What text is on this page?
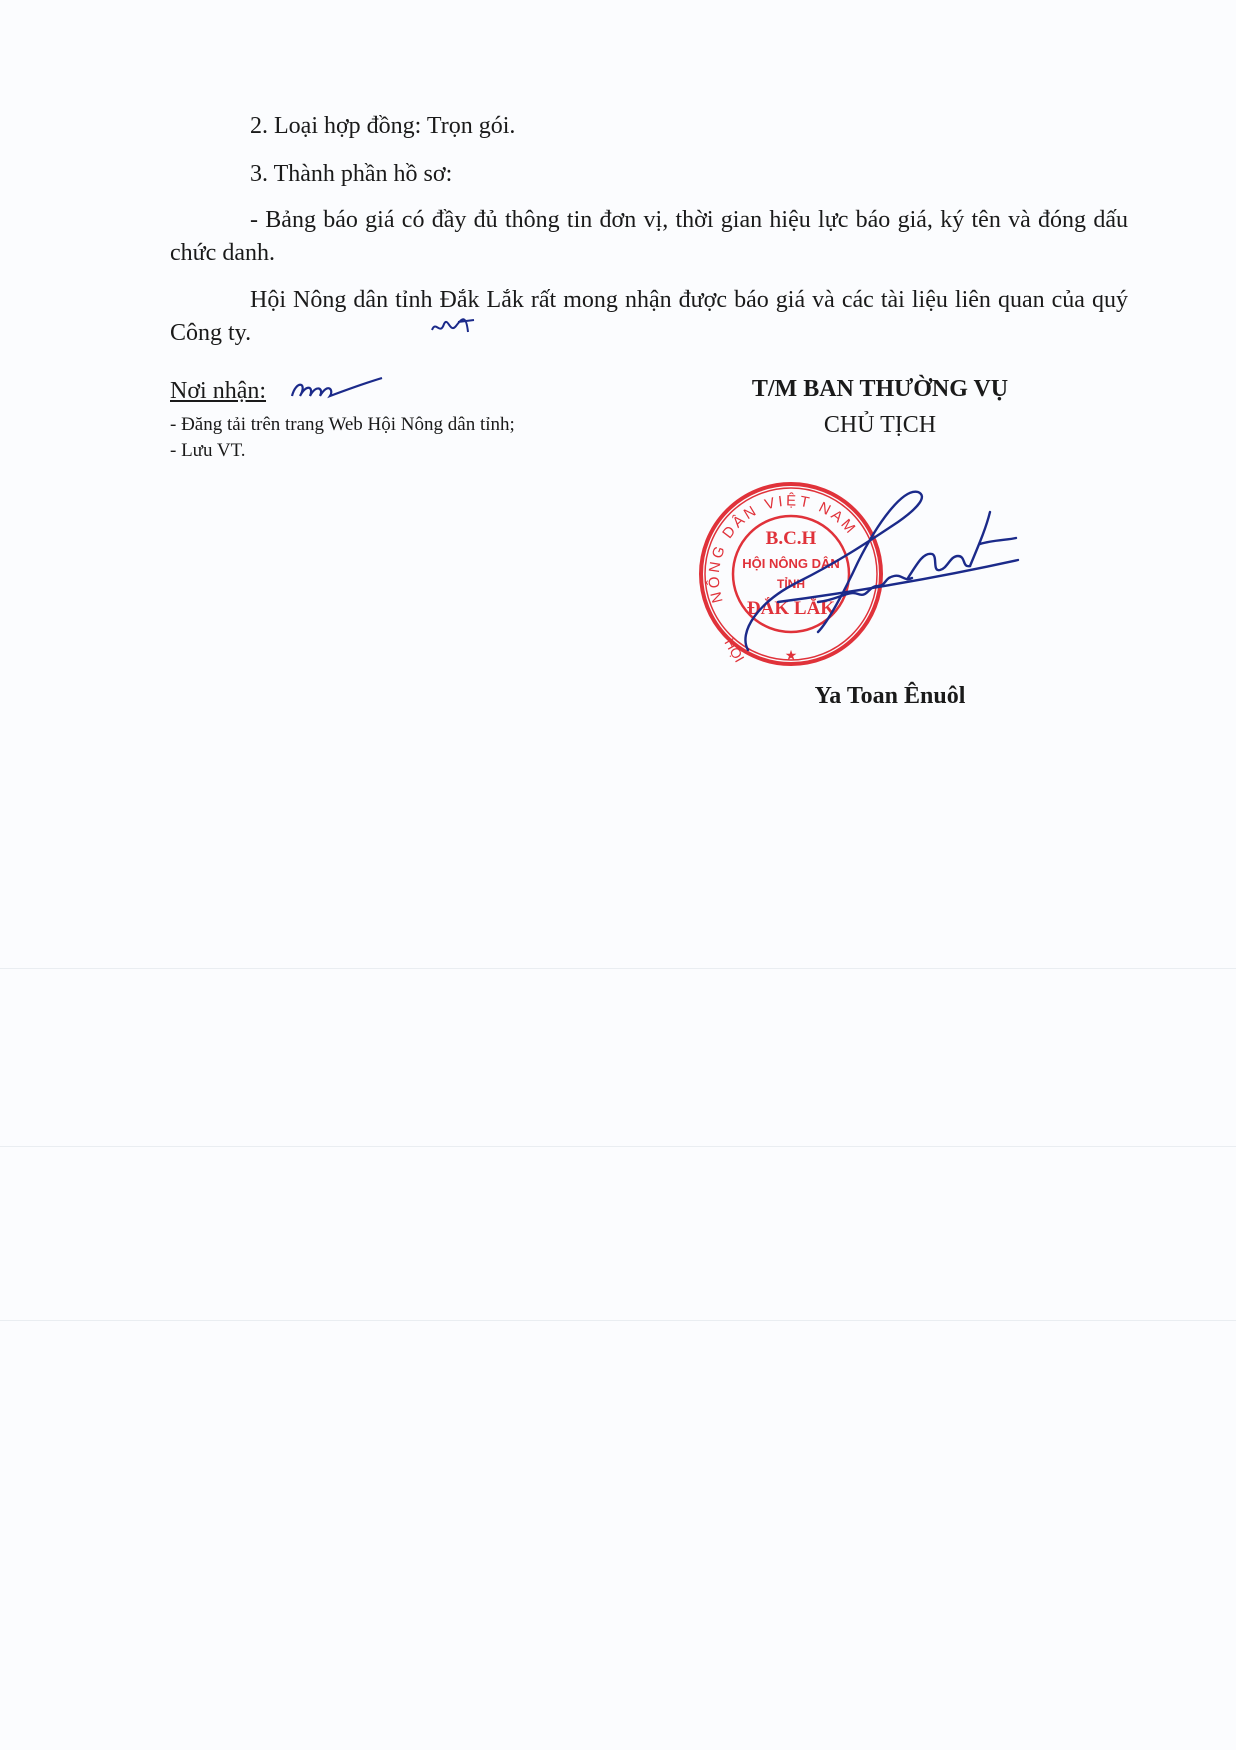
2. Loại hợp đồng: Trọn gói.

3. Thành phần hồ sơ:

- Bảng báo giá có đầy đủ thông tin đơn vị, thời gian hiệu lực báo giá, ký tên và đóng dấu chức danh.

Hội Nông dân tỉnh Đắk Lắk rất mong nhận được báo giá và các tài liệu liên quan của quý Công ty.

Nơi nhận:
- Đăng tải trên trang Web Hội Nông dân tỉnh;
- Lưu VT.
T/M BAN THƯỜNG VỤ
CHỦ TỊCH
NÔNG DÂN VIỆT NAM
HỘI
B.C.H
HỘI NÔNG DÂN
TỈNH
ĐẮK LẮK
★
Ya Toan Ênuôl
